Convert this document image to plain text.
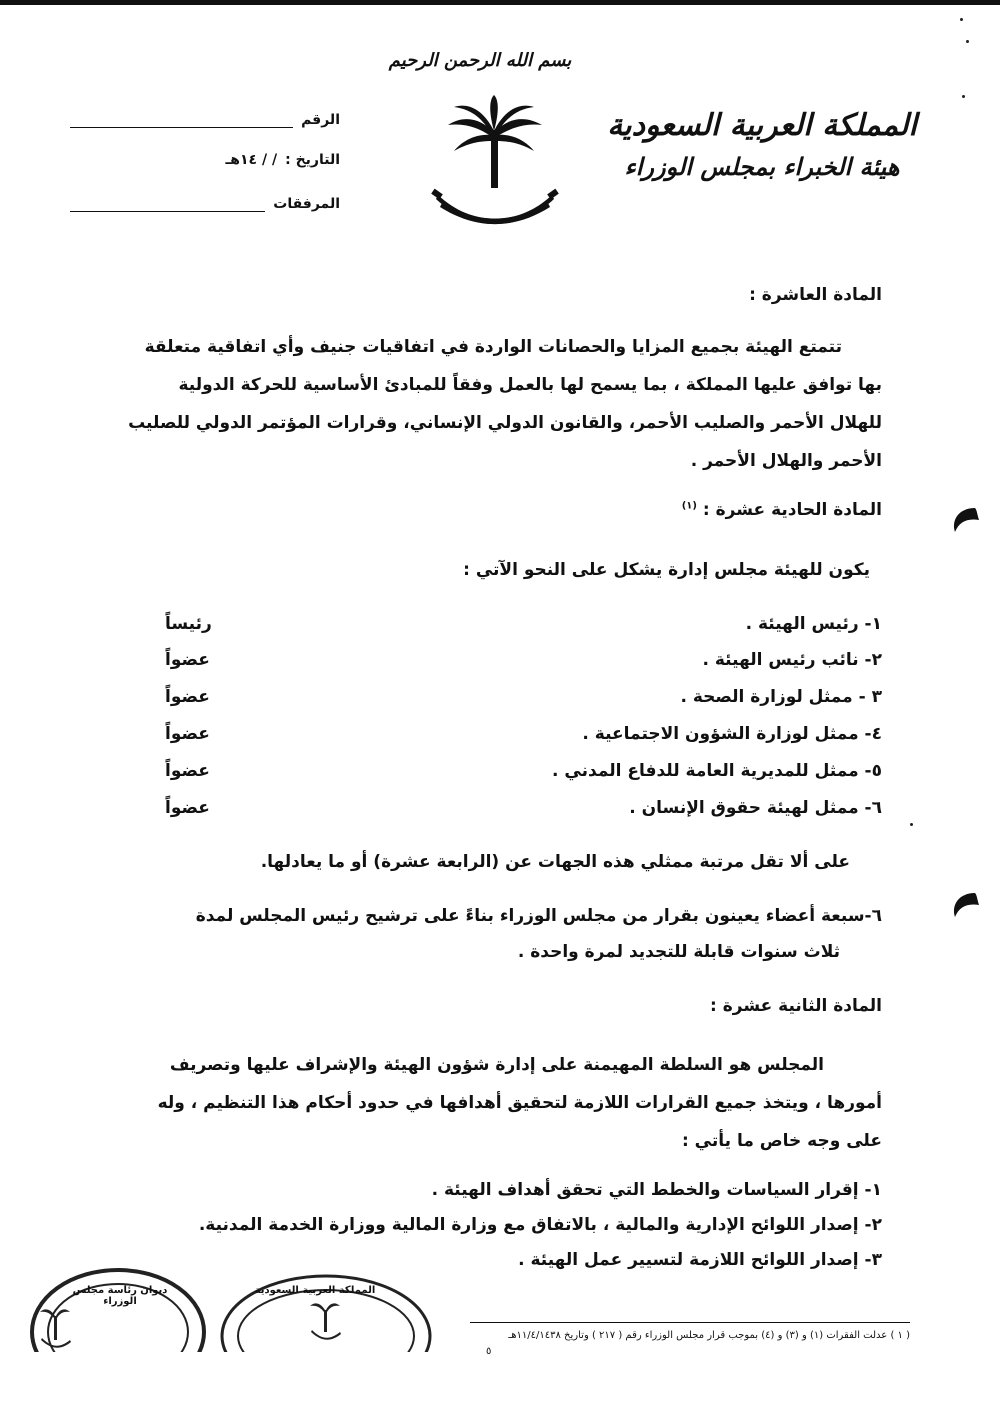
بسم الله الرحمن الرحيم
المملكة العربية السعودية
هيئة الخبراء بمجلس الوزراء
الرقم
التاريخ :
/ / ١٤هـ
المرفقات
المادة العاشرة :
تتمتع الهيئة بجميع المزايا والحصانات الواردة في اتفاقيات جنيف وأي اتفاقية متعلقة
بها توافق عليها المملكة ، بما يسمح لها بالعمل وفقاً للمبادئ الأساسية للحركة الدولية
للهلال الأحمر والصليب الأحمر، والقانون الدولي الإنساني، وقرارات المؤتمر الدولي للصليب
الأحمر والهلال الأحمر .
المادة الحادية عشرة : $^{(١)}$
يكون للهيئة مجلس إدارة يشكل على النحو الآتي :
١- رئيس الهيئة .
رئيساً
٢- نائب رئيس الهيئة .
عضواً
٣ - ممثل لوزارة الصحة .
عضواً
٤- ممثل لوزارة الشؤون الاجتماعية .
عضواً
٥- ممثل للمديرية العامة للدفاع المدني .
عضواً
٦- ممثل لهيئة حقوق الإنسان .
عضواً
على ألا تقل مرتبة ممثلي هذه الجهات عن (الرابعة عشرة) أو ما يعادلها.
٦-سبعة أعضاء يعينون بقرار من مجلس الوزراء بناءً على ترشيح رئيس المجلس لمدة
ثلاث سنوات قابلة للتجديد لمرة واحدة .
المادة الثانية عشرة :
المجلس هو السلطة المهيمنة على إدارة شؤون الهيئة والإشراف عليها وتصريف
أمورها ، ويتخذ جميع القرارات اللازمة لتحقيق أهدافها في حدود أحكام هذا التنظيم ، وله
على وجه خاص ما يأتي :
١- إقرار السياسات والخطط التي تحقق أهداف الهيئة .
٢- إصدار اللوائح الإدارية والمالية ، بالاتفاق مع وزارة المالية ووزارة الخدمة المدنية.
٣- إصدار اللوائح اللازمة لتسيير عمل الهيئة .
( ١ ) عدلت الفقرات (١) و (٣) و (٤) بموجب قرار مجلس الوزراء رقم ( ٢١٧ ) وتاريخ ١١/٤/١٤٣٨هـ
٥
ديوان رئاسة مجلس الوزراء
المملكة العربية السعودية
